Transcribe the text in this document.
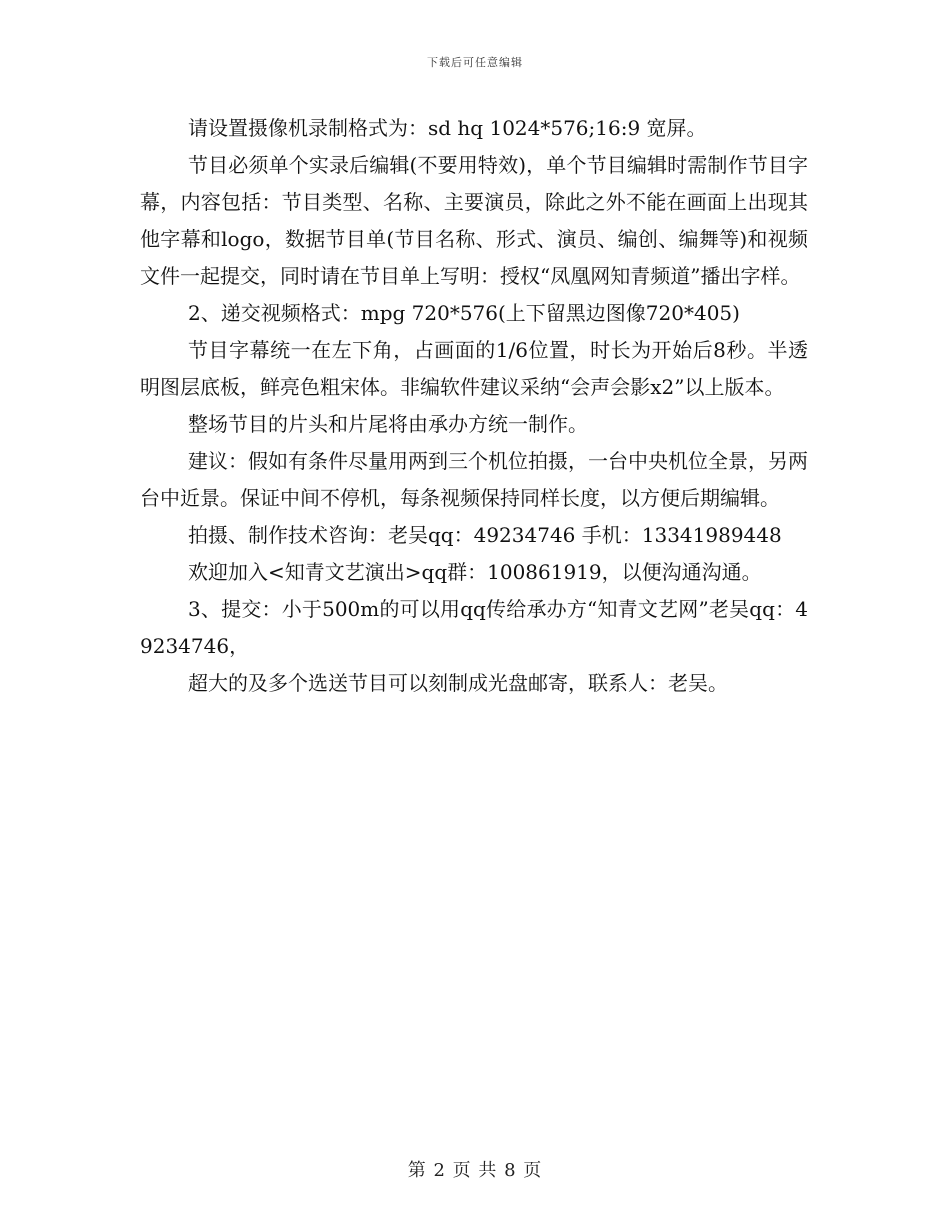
下载后可任意编辑

请设置摄像机录制格式为：sd hq 1024*576;16:9 宽屏。

节目必须单个实录后编辑(不要用特效)，单个节目编辑时需制作节目字幕，内容包括：节目类型、名称、主要演员，除此之外不能在画面上出现其他字幕和logo，数据节目单(节目名称、形式、演员、编创、编舞等)和视频文件一起提交，同时请在节目单上写明：授权“凤凰网知青频道”播出字样。

2、递交视频格式：mpg 720*576(上下留黑边图像720*405)

节目字幕统一在左下角，占画面的1/6位置，时长为开始后8秒。半透明图层底板，鲜亮色粗宋体。非编软件建议采纳“会声会影x2”以上版本。

整场节目的片头和片尾将由承办方统一制作。

建议：假如有条件尽量用两到三个机位拍摄，一台中央机位全景，另两台中近景。保证中间不停机，每条视频保持同样长度，以方便后期编辑。

拍摄、制作技术咨询：老吴qq：49234746 手机：13341989448

欢迎加入<知青文艺演出>qq群：100861919，以便沟通沟通。

3、提交：小于500m的可以用qq传给承办方“知青文艺网”老吴qq：49234746，

超大的及多个选送节目可以刻制成光盘邮寄，联系人：老吴。

第 2 页 共 8 页
